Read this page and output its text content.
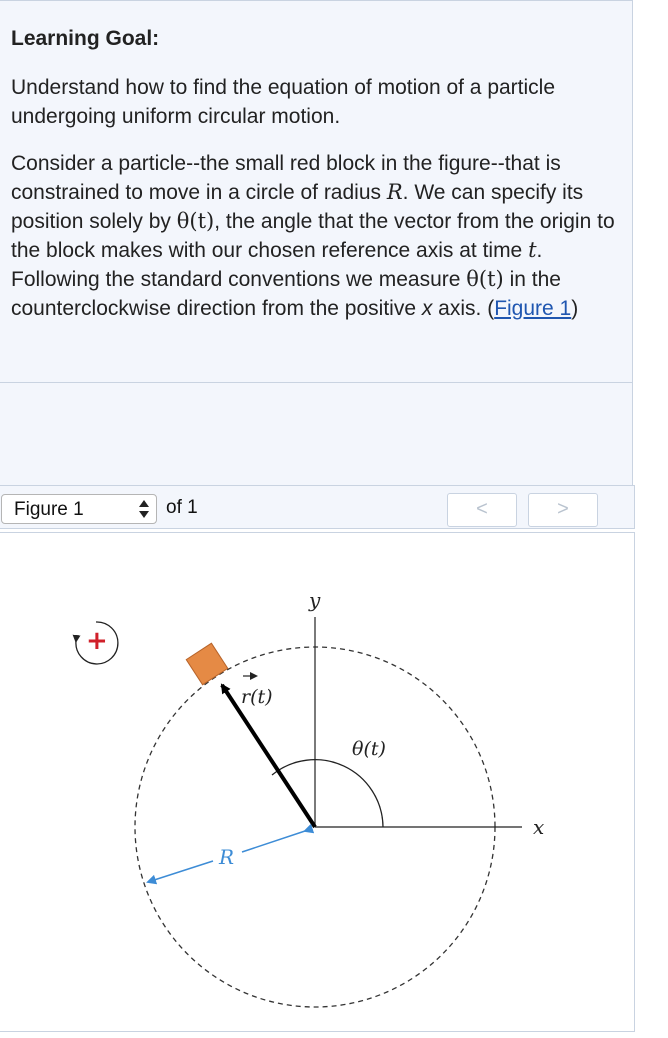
Learning Goal:
Understand how to find the equation of motion of a particle undergoing uniform circular motion.
Consider a particle--the small red block in the figure--that is constrained to move in a circle of radius R. We can specify its position solely by θ(t), the angle that the vector from the origin to the block makes with our chosen reference axis at time t. Following the standard conventions we measure θ(t) in the counterclockwise direction from the positive x axis. (Figure 1)
Figure 1	of 1	<	>
y
x
θ(t)
r(t)
R
+
